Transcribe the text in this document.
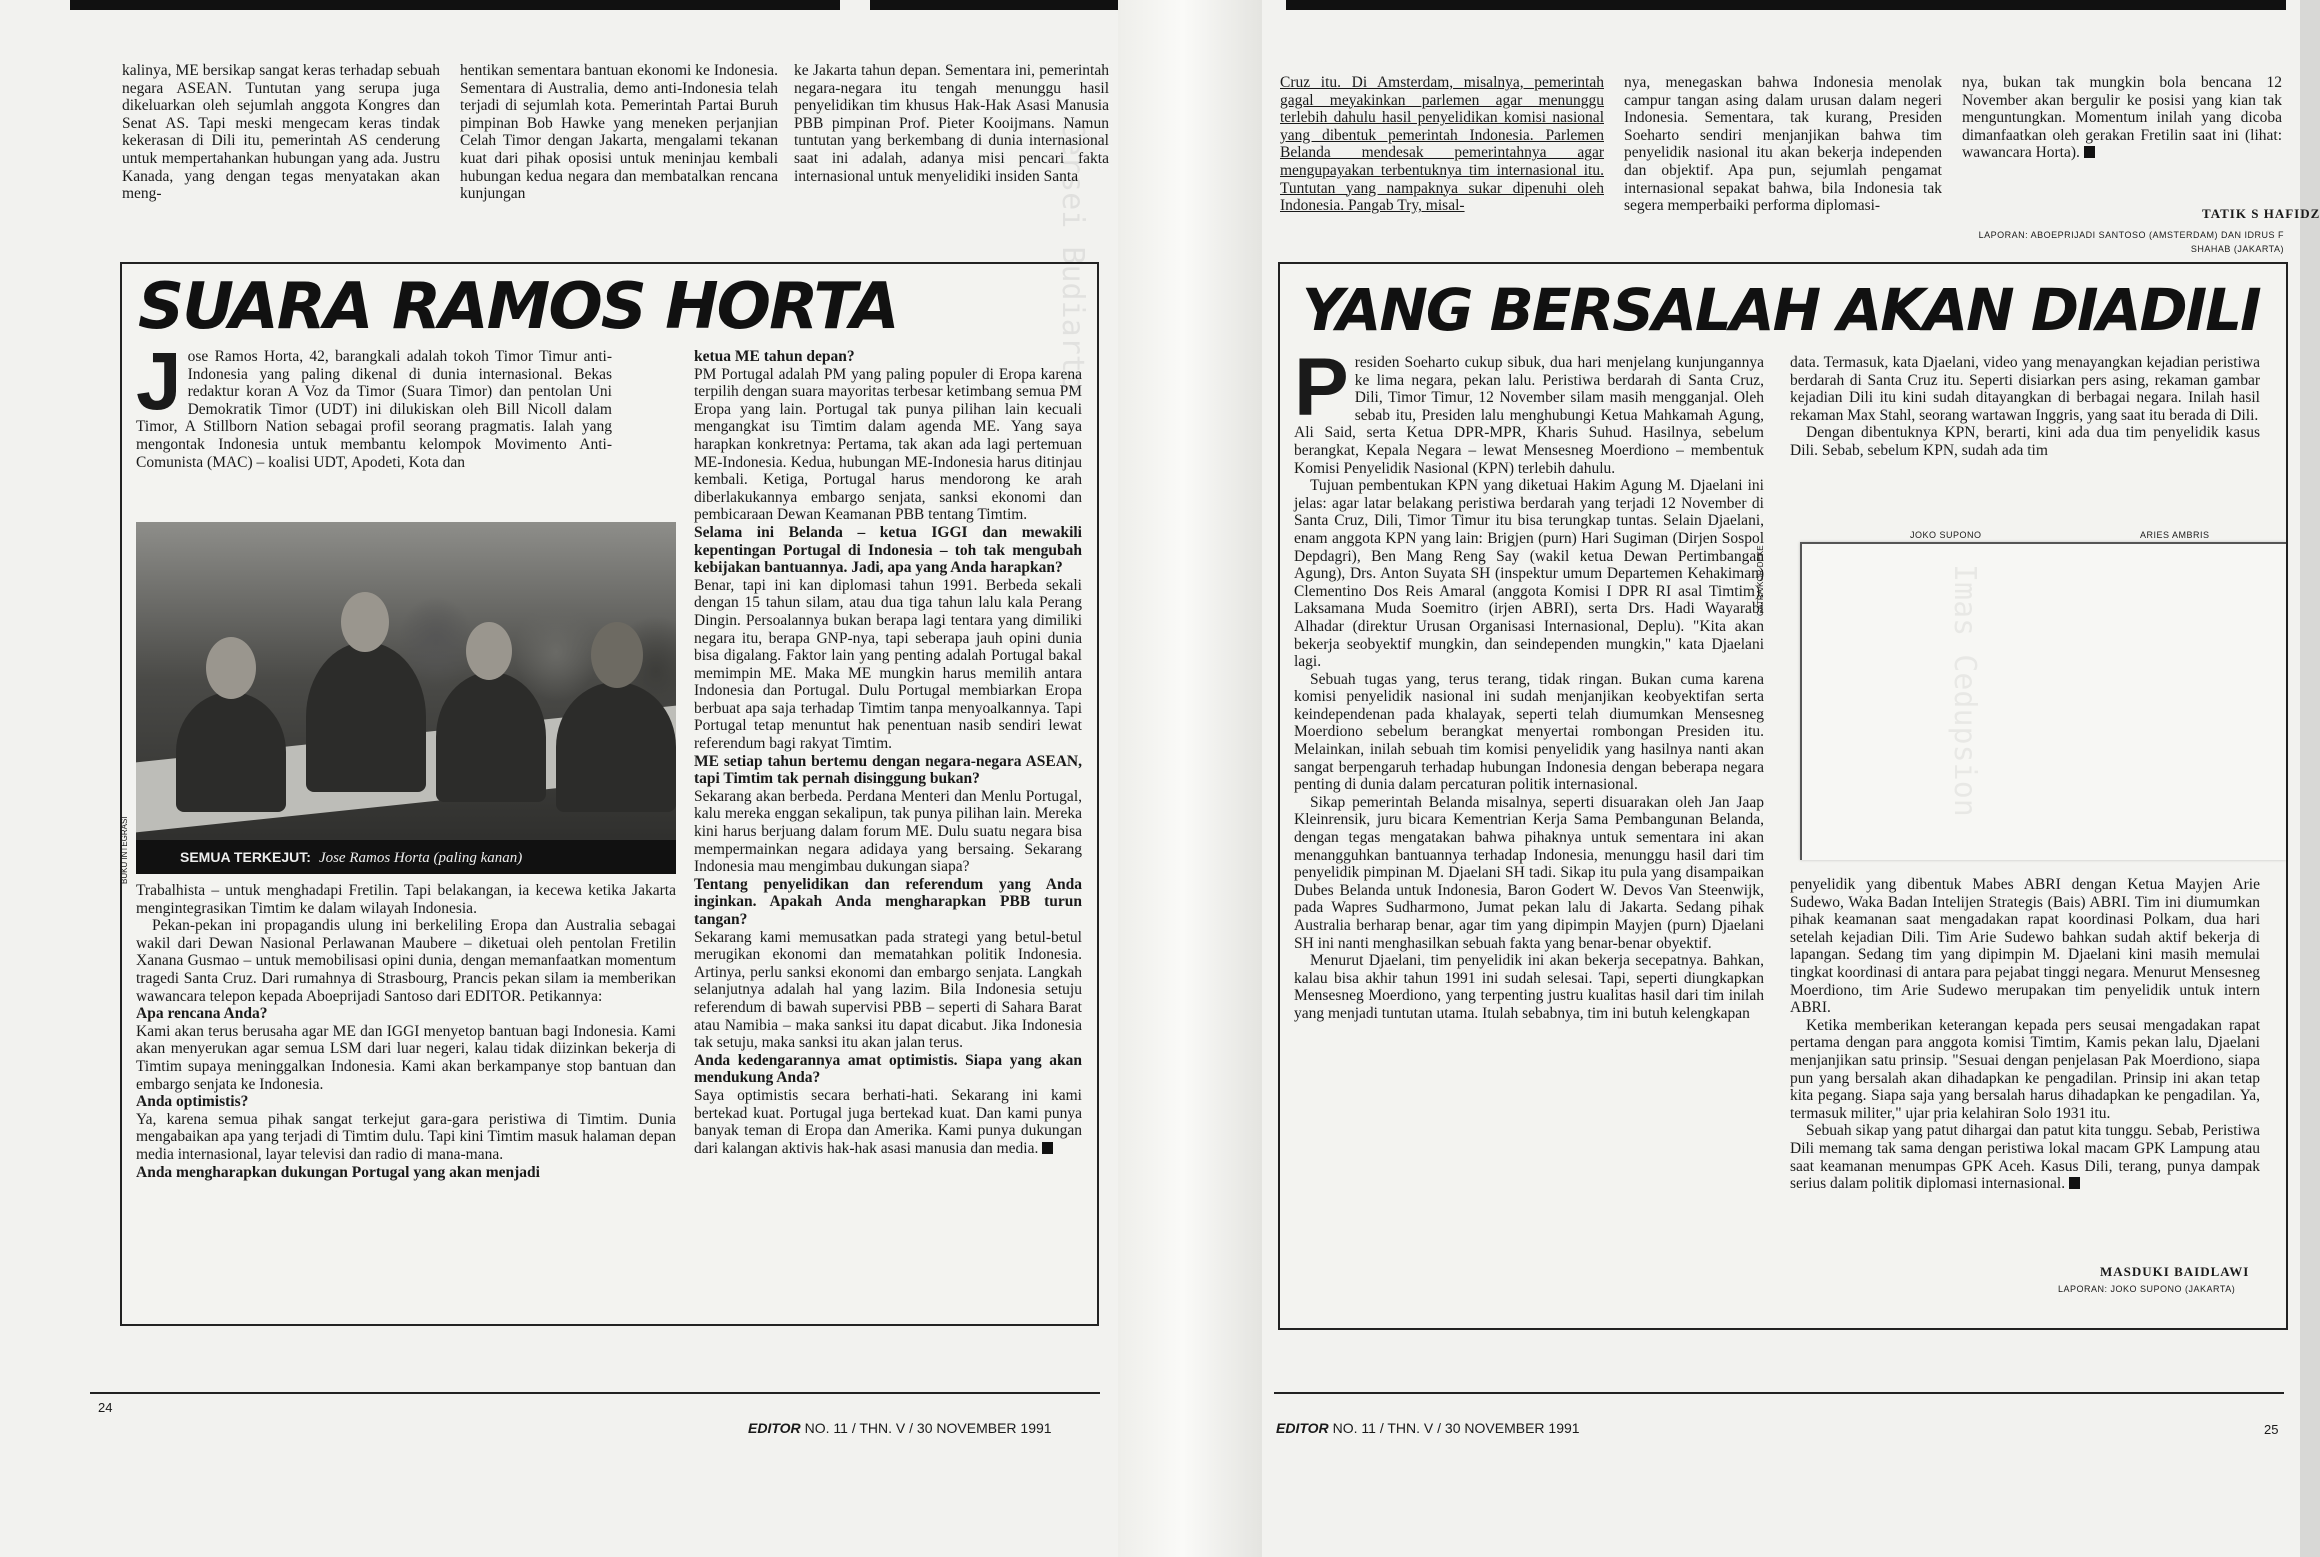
kalinya, ME bersikap sangat keras terhadap sebuah negara ASEAN. Tuntutan yang serupa juga dikeluarkan oleh sejumlah anggota Kongres dan Senat AS. Tapi meski mengecam keras tindak kekerasan di Dili itu, pemerintah AS cenderung untuk mempertahankan hubungan yang ada. Justru Kanada, yang dengan tegas menyatakan akan meng-

hentikan sementara bantuan ekonomi ke Indonesia. Sementara di Australia, demo anti-Indonesia telah terjadi di sejumlah kota. Pemerintah Partai Buruh pimpinan Bob Hawke yang meneken perjanjian Celah Timor dengan Jakarta, mengalami tekanan kuat dari pihak oposisi untuk meninjau kembali hubungan kedua negara dan membatalkan rencana kunjungan

ke Jakarta tahun depan. Sementara ini, pemerintah negara-negara itu tengah menunggu hasil penyelidikan tim khusus Hak-Hak Asasi Manusia PBB pimpinan Prof. Pieter Kooijmans. Namun tuntutan yang berkembang di dunia internasional saat ini adalah, adanya misi pencari fakta internasional untuk menyelidiki insiden Santa

SUARA RAMOS HORTA

Jose Ramos Horta, 42, barangkali adalah tokoh Timor Timur anti-Indonesia yang paling dikenal di dunia internasional. Bekas redaktur koran A Voz da Timor (Suara Timor) dan pentolan Uni Demokratik Timor (UDT) ini dilukiskan oleh Bill Nicoll dalam Timor, A Stillborn Nation sebagai profil seorang pragmatis. Ialah yang mengontak Indonesia untuk membantu kelompok Movimento Anti-Comunista (MAC) – koalisi UDT, Apodeti, Kota dan

BUKU INTEGRASI	SEMUA TERKEJUT: Jose Ramos Horta (paling kanan)

Trabalhista – untuk menghadapi Fretilin. Tapi belakangan, ia kecewa ketika Jakarta mengintegrasikan Timtim ke dalam wilayah Indonesia.

Pekan-pekan ini propagandis ulung ini berkeliling Eropa dan Australia sebagai wakil dari Dewan Nasional Perlawanan Maubere – diketuai oleh pentolan Fretilin Xanana Gusmao – untuk memobilisasi opini dunia, dengan memanfaatkan momentum tragedi Santa Cruz. Dari rumahnya di Strasbourg, Prancis pekan silam ia memberikan wawancara telepon kepada Aboeprijadi Santoso dari EDITOR. Petikannya:

Apa rencana Anda?

Kami akan terus berusaha agar ME dan IGGI menyetop bantuan bagi Indonesia. Kami akan menyerukan agar semua LSM dari luar negeri, kalau tidak diizinkan bekerja di Timtim supaya meninggalkan Indonesia. Kami akan berkampanye stop bantuan dan embargo senjata ke Indonesia.

Anda optimistis?

Ya, karena semua pihak sangat terkejut gara-gara peristiwa di Timtim. Dunia mengabaikan apa yang terjadi di Timtim dulu. Tapi kini Timtim masuk halaman depan media internasional, layar televisi dan radio di mana-mana.

Anda mengharapkan dukungan Portugal yang akan menjadi

ketua ME tahun depan?

PM Portugal adalah PM yang paling populer di Eropa karena terpilih dengan suara mayoritas terbesar ketimbang semua PM Eropa yang lain. Portugal tak punya pilihan lain kecuali mengangkat isu Timtim dalam agenda ME. Yang saya harapkan konkretnya: Pertama, tak akan ada lagi pertemuan ME-Indonesia. Kedua, hubungan ME-Indonesia harus ditinjau kembali. Ketiga, Portugal harus mendorong ke arah diberlakukannya embargo senjata, sanksi ekonomi dan pembicaraan Dewan Keamanan PBB tentang Timtim.

Selama ini Belanda – ketua IGGI dan mewakili kepentingan Portugal di Indonesia – toh tak mengubah kebijakan bantuannya. Jadi, apa yang Anda harapkan?

Benar, tapi ini kan diplomasi tahun 1991. Berbeda sekali dengan 15 tahun silam, atau dua tiga tahun lalu kala Perang Dingin. Persoalannya bukan berapa lagi tentara yang dimiliki negara itu, berapa GNP-nya, tapi seberapa jauh opini dunia bisa digalang. Faktor lain yang penting adalah Portugal bakal memimpin ME. Maka ME mungkin harus memilih antara Indonesia dan Portugal. Dulu Portugal membiarkan Eropa berbuat apa saja terhadap Timtim tanpa menyoalkannya. Tapi Portugal tetap menuntut hak penentuan nasib sendiri lewat referendum bagi rakyat Timtim.

ME setiap tahun bertemu dengan negara-negara ASEAN, tapi Timtim tak pernah disinggung bukan?

Sekarang akan berbeda. Perdana Menteri dan Menlu Portugal, kalu mereka enggan sekalipun, tak punya pilihan lain. Mereka kini harus berjuang dalam forum ME. Dulu suatu negara bisa mempermainkan negara adidaya yang bersaing. Sekarang Indonesia mau mengimbau dukungan siapa?

Tentang penyelidikan dan referendum yang Anda inginkan. Apakah Anda mengharapkan PBB turun tangan?

Sekarang kami memusatkan pada strategi yang betul-betul merugikan ekonomi dan mematahkan politik Indonesia. Artinya, perlu sanksi ekonomi dan embargo senjata. Langkah selanjutnya adalah hal yang lazim. Bila Indonesia setuju referendum di bawah supervisi PBB – seperti di Sahara Barat atau Namibia – maka sanksi itu dapat dicabut. Jika Indonesia tak setuju, maka sanksi itu akan jalan terus.

Anda kedengarannya amat optimistis. Siapa yang akan mendukung Anda?

Saya optimistis secara berhati-hati. Sekarang ini kami bertekad kuat. Portugal juga bertekad kuat. Dan kami punya banyak teman di Eropa dan Amerika. Kami punya dukungan dari kalangan aktivis hak-hak asasi manusia dan media.

24
EDITOR NO. 11 / THN. V / 30 NOVEMBER 1991
Cersei Budiarto

Cruz itu. Di Amsterdam, misalnya, pemerintah gagal meyakinkan parlemen agar menunggu terlebih dahulu hasil penyelidikan komisi nasional yang dibentuk pemerintah Indonesia. Parlemen Belanda mendesak pemerintahnya agar mengupayakan terbentuknya tim internasional itu. Tuntutan yang nampaknya sukar dipenuhi oleh Indonesia. Pangab Try, misal-

nya, menegaskan bahwa Indonesia menolak campur tangan asing dalam urusan dalam negeri Indonesia. Sementara, tak kurang, Presiden Soeharto sendiri menjanjikan bahwa tim penyelidik nasional itu akan bekerja independen dan objektif. Apa pun, sejumlah pengamat internasional sepakat bahwa, bila Indonesia tak segera memperbaiki performa diplomasi-

nya, bukan tak mungkin bola bencana 12 November akan bergulir ke posisi yang kian tak menguntungkan. Momentum inilah yang dicoba dimanfaatkan oleh gerakan Fretilin saat ini (lihat: wawancara Horta).

TATIK S HAFIDZ
LAPORAN: ABOEPRIJADI SANTOSO (AMSTERDAM) DAN IDRUS F SHAHAB (JAKARTA)
YANG BERSALAH AKAN DIADILI

Presiden Soeharto cukup sibuk, dua hari menjelang kunjungannya ke lima negara, pekan lalu. Peristiwa berdarah di Santa Cruz, Dili, Timor Timur, 12 November silam masih mengganjal. Oleh sebab itu, Presiden lalu menghubungi Ketua Mahkamah Agung, Ali Said, serta Ketua DPR-MPR, Kharis Suhud. Hasilnya, sebelum berangkat, Kepala Negara – lewat Mensesneg Moerdiono – membentuk Komisi Penyelidik Nasional (KPN) terlebih dahulu.

Tujuan pembentukan KPN yang diketuai Hakim Agung M. Djaelani ini jelas: agar latar belakang peristiwa berdarah yang terjadi 12 November di Santa Cruz, Dili, Timor Timur itu bisa terungkap tuntas. Selain Djaelani, enam anggota KPN yang lain: Brigjen (purn) Hari Sugiman (Dirjen Sospol Depdagri), Ben Mang Reng Say (wakil ketua Dewan Pertimbangan Agung), Drs. Anton Suyata SH (inspektur umum Departemen Kehakiman) Clementino Dos Reis Amaral (anggota Komisi I DPR RI asal Timtim), Laksamana Muda Soemitro (irjen ABRI), serta Drs. Hadi Wayarabi Alhadar (direktur Urusan Organisasi Internasional, Deplu). "Kita akan bekerja seobyektif mungkin, dan seindependen mungkin," kata Djaelani lagi.

Sebuah tugas yang, terus terang, tidak ringan. Bukan cuma karena komisi penyelidik nasional ini sudah menjanjikan keobyektifan serta keindependenan pada khalayak, seperti telah diumumkan Mensesneg Moerdiono sebelum berangkat menyertai rombongan Presiden itu. Melainkan, inilah sebuah tim komisi penyelidik yang hasilnya nanti akan sangat berpengaruh terhadap hubungan Indonesia dengan beberapa negara penting di dunia dalam percaturan politik internasional.

Sikap pemerintah Belanda misalnya, seperti disuarakan oleh Jan Jaap Kleinrensik, juru bicara Kementrian Kerja Sama Pembangunan Belanda, dengan tegas mengatakan bahwa pihaknya untuk sementara ini akan menangguhkan bantuannya terhadap Indonesia, menunggu hasil dari tim penyelidik pimpinan M. Djaelani SH tadi. Sikap itu pula yang disampaikan Dubes Belanda untuk Indonesia, Baron Godert W. Devos Van Steenwijk, pada Wapres Sudharmono, Jumat pekan lalu di Jakarta. Sedang pihak Australia berharap benar, agar tim yang dipimpin Mayjen (purn) Djaelani SH ini nanti menghasilkan sebuah fakta yang benar-benar obyektif.

Menurut Djaelani, tim penyelidik ini akan bekerja secepatnya. Bahkan, kalau bisa akhir tahun 1991 ini sudah selesai. Tapi, seperti diungkapkan Mensesneg Moerdiono, yang terpenting justru kualitas hasil dari tim inilah yang menjadi tuntutan utama. Itulah sebabnya, tim ini butuh kelengkapan

data. Termasuk, kata Djaelani, video yang menayangkan kejadian peristiwa berdarah di Santa Cruz itu. Seperti disiarkan pers asing, rekaman gambar kejadian Dili itu kini sudah ditayangkan di berbagai negara. Inilah hasil rekaman Max Stahl, seorang wartawan Inggris, yang saat itu berada di Dili.

Dengan dibentuknya KPN, berarti, kini ada dua tim penyelidik kasus Dili. Sebab, sebelum KPN, sudah ada tim

JOKO SUPONO	ARIES AMBRIS
Imas Cedupsion
GATRA/KOR DEKE

penyelidik yang dibentuk Mabes ABRI dengan Ketua Mayjen Arie Sudewo, Waka Badan Intelijen Strategis (Bais) ABRI. Tim ini diumumkan pihak keamanan saat mengadakan rapat koordinasi Polkam, dua hari setelah kejadian Dili. Tim Arie Sudewo bahkan sudah aktif bekerja di lapangan. Sedang tim yang dipimpin M. Djaelani kini masih memulai tingkat koordinasi di antara para pejabat tinggi negara. Menurut Mensesneg Moerdiono, tim Arie Sudewo merupakan tim penyelidik untuk intern ABRI.

Ketika memberikan keterangan kepada pers seusai mengadakan rapat pertama dengan para anggota komisi Timtim, Kamis pekan lalu, Djaelani menjanjikan satu prinsip. "Sesuai dengan penjelasan Pak Moerdiono, siapa pun yang bersalah akan dihadapkan ke pengadilan. Prinsip ini akan tetap kita pegang. Siapa saja yang bersalah harus dihadapkan ke pengadilan. Ya, termasuk militer," ujar pria kelahiran Solo 1931 itu.

Sebuah sikap yang patut dihargai dan patut kita tunggu. Sebab, Peristiwa Dili memang tak sama dengan peristiwa lokal macam GPK Lampung atau saat keamanan menumpas GPK Aceh. Kasus Dili, terang, punya dampak serius dalam politik diplomasi internasional.

MASDUKI BAIDLAWI
LAPORAN: JOKO SUPONO (JAKARTA)
EDITOR NO. 11 / THN. V / 30 NOVEMBER 1991	25
